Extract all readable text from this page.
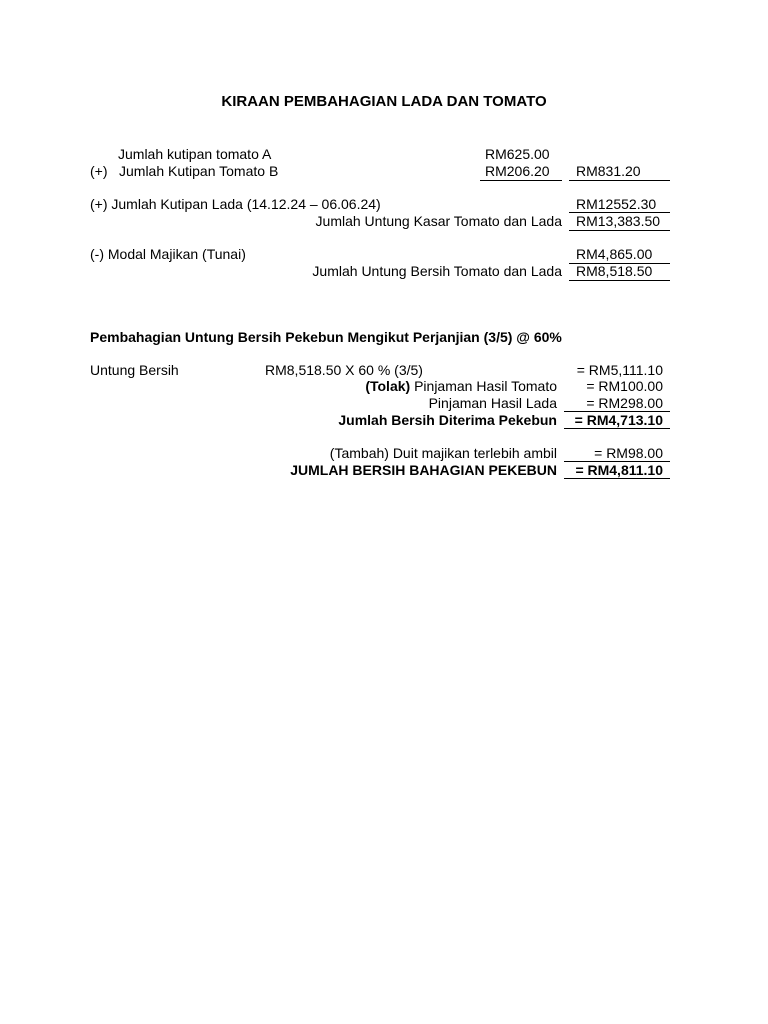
KIRAAN PEMBAHAGIAN LADA DAN TOMATO
Jumlah kutipan tomato A	RM625.00
(+) Jumlah Kutipan Tomato B	RM206.20 RM831.20
(+) Jumlah Kutipan Lada (14.12.24 – 06.06.24)	RM12552.30
Jumlah Untung Kasar Tomato dan Lada RM13,383.50
(-) Modal Majikan (Tunai)	RM4,865.00
Jumlah Untung Bersih Tomato dan Lada RM8,518.50
Pembahagian Untung Bersih Pekebun Mengikut Perjanjian (3/5) @ 60%
Untung Bersih	RM8,518.50 X 60 % (3/5)	= RM5,111.10
(Tolak) Pinjaman Hasil Tomato	= RM100.00
Pinjaman Hasil Lada	= RM298.00
Jumlah Bersih Diterima Pekebun	= RM4,713.10
(Tambah) Duit majikan terlebih ambil	= RM98.00
JUMLAH BERSIH BAHAGIAN PEKEBUN	= RM4,811.10
